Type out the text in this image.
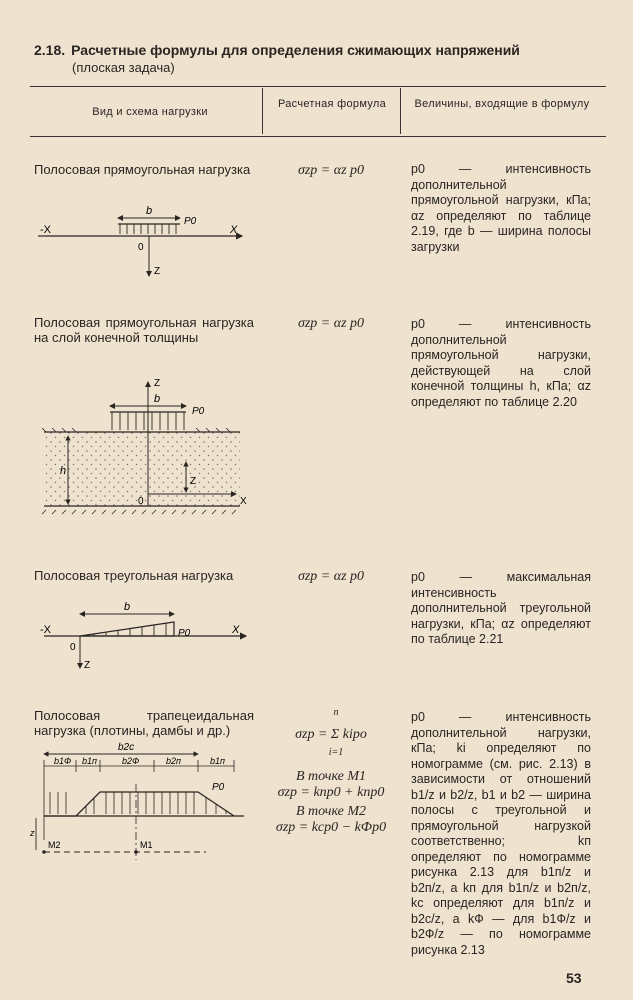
2.18. Расчетные формулы для определения сжимающих напряжений
(плоская задача)
Вид и схема нагрузки
Расчетная формула	Величины, входящие в формулу
Полосовая прямоугольная нагрузка	σzp = αz p0	p0 — интенсивность дополнительной прямоугольной нагрузки, кПа; αz определяют по таблице 2.19, где b — ширина полосы загрузки
-X	X
b
P0
0
Z
Полосовая прямоугольная нагрузка на слой конечной толщины
σzp = αz p0	p0 — интенсивность дополнительной прямоугольной нагрузки, действующей на слой конечной толщины h, кПа; αz определяют по таблице 2.20
Z
b
P0
0	X
h
Z
Полосовая треугольная нагрузка	σzp = αz p0	p0 — максимальная интенсивность дополнительной треугольной нагрузки, кПа; αz определяют по таблице 2.21
-X	X
b
P0
0
Z
Полосовая трапецеидальная нагрузка (плотины, дамбы и др.)
n
σzp = Σ kipo
i=1
В точке M1
σzp = kпp0 + kпp0
В точке M2
σzp = kсp0 − kФp0
p0 — интенсивность дополнительной нагрузки, кПа; ki определяют по номограмме (см. рис. 2.13) в зависимости от отношений b1/z и b2/z, b1 и b2 — ширина полосы с треугольной и прямоугольной нагрузкой соответственно; kп определяют по номограмме рисунка 2.13 для b1п/z и b2п/z, а kп для b1п/z и b2п/z, kс определяют для b1п/z и b2с/z, а kФ — для b1Ф/z и b2Ф/z — по номограмме рисунка 2.13
b2c
b1Ф b1п	b2Ф	b2п	b1п
P0
z
M2	M1
53
